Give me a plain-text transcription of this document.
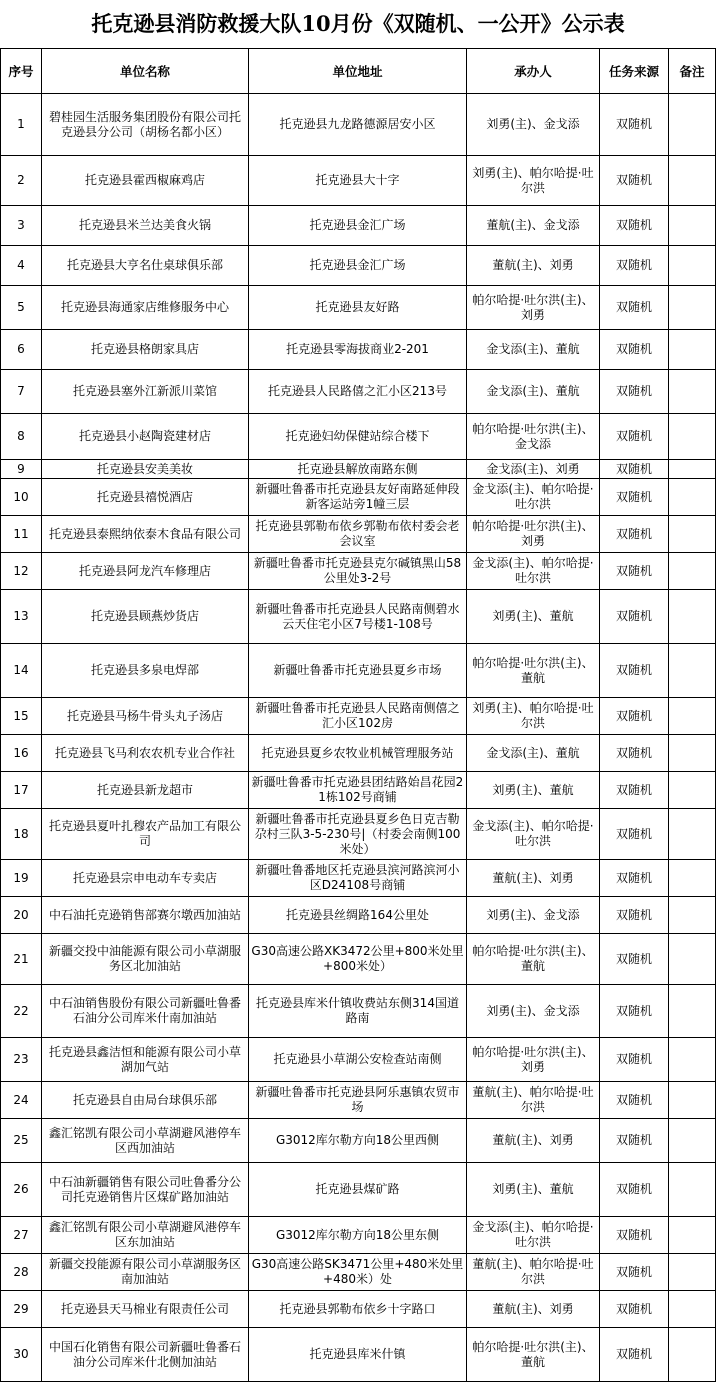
托克逊县消防救援大队10月份《双随机、一公开》公示表
序号	单位名称	单位地址	承办人	任务来源	备注
1	碧桂园生活服务集团股份有限公司托克逊县分公司（胡杨名都小区）	托克逊县九龙路德源居安小区	刘勇(主)、金戈添	双随机	
2	托克逊县霍西椒麻鸡店	托克逊县大十字	刘勇(主)、帕尔哈提·吐尔洪	双随机	
3	托克逊县米兰达美食火锅	托克逊县金汇广场	董航(主)、金戈添	双随机	
4	托克逊县大亨名仕桌球俱乐部	托克逊县金汇广场	董航(主)、刘勇	双随机	
5	托克逊县海通家店维修服务中心	托克逊县友好路	帕尔哈提·吐尔洪(主)、刘勇	双随机	
6	托克逊县格朗家具店	托克逊县零海拔商业2-201	金戈添(主)、董航	双随机	
7	托克逊县塞外江新派川菜馆	托克逊县人民路僖之汇小区213号	金戈添(主)、董航	双随机	
8	托克逊县小赵陶瓷建材店	托克逊妇幼保健站综合楼下	帕尔哈提·吐尔洪(主)、金戈添	双随机	
9	托克逊县安美美妆	托克逊县解放南路东侧	金戈添(主)、刘勇	双随机	
10	托克逊县禧悦酒店	新疆吐鲁番市托克逊县友好南路延伸段新客运站旁1幢三层	金戈添(主)、帕尔哈提·吐尔洪	双随机	
11	托克逊县泰熙纳依泰木食品有限公司	托克逊县郭勒布依乡郭勒布依村委会老会议室	帕尔哈提·吐尔洪(主)、刘勇	双随机	
12	托克逊县阿龙汽车修理店	新疆吐鲁番市托克逊县克尔碱镇黑山58公里处3-2号	金戈添(主)、帕尔哈提·吐尔洪	双随机	
13	托克逊县顾燕炒货店	新疆吐鲁番市托克逊县人民路南侧碧水云天住宅小区7号楼1-108号	刘勇(主)、董航	双随机	
14	托克逊县多泉电焊部	新疆吐鲁番市托克逊县夏乡市场	帕尔哈提·吐尔洪(主)、董航	双随机	
15	托克逊县马杨牛骨头丸子汤店	新疆吐鲁番市托克逊县人民路南侧僖之汇小区102房	刘勇(主)、帕尔哈提·吐尔洪	双随机	
16	托克逊县飞马利农农机专业合作社	托克逊县夏乡农牧业机械管理服务站	金戈添(主)、董航	双随机	
17	托克逊县新龙超市	新疆吐鲁番市托克逊县团结路始昌花园21栋102号商铺	刘勇(主)、董航	双随机	
18	托克逊县夏叶扎穆农产品加工有限公司	新疆吐鲁番市托克逊县夏乡色日克吉勒尕村三队3-5-230号|（村委会南侧100米处）	金戈添(主)、帕尔哈提·吐尔洪	双随机	
19	托克逊县宗申电动车专卖店	新疆吐鲁番地区托克逊县滨河路滨河小区D24108号商铺	董航(主)、刘勇	双随机	
20	中石油托克逊销售部赛尔墩西加油站	托克逊县丝绸路164公里处	刘勇(主)、金戈添	双随机	
21	新疆交投中油能源有限公司小草湖服务区北加油站	G30高速公路XK3472公里+800米处里+800米处）	帕尔哈提·吐尔洪(主)、董航	双随机	
22	中石油销售股份有限公司新疆吐鲁番石油分公司库米什南加油站	托克逊县库米什镇收费站东侧314国道路南	刘勇(主)、金戈添	双随机	
23	托克逊县鑫洁恒和能源有限公司小草湖加气站	托克逊县小草湖公安检查站南侧	帕尔哈提·吐尔洪(主)、刘勇	双随机	
24	托克逊县自由局台球俱乐部	新疆吐鲁番市托克逊县阿乐惠镇农贸市场	董航(主)、帕尔哈提·吐尔洪	双随机	
25	鑫汇铭凯有限公司小草湖避风港停车区西加油站	G3012库尔勒方向18公里西侧	董航(主)、刘勇	双随机	
26	中石油新疆销售有限公司吐鲁番分公司托克逊销售片区煤矿路加油站	托克逊县煤矿路	刘勇(主)、董航	双随机	
27	鑫汇铭凯有限公司小草湖避风港停车区东加油站	G3012库尔勒方向18公里东侧	金戈添(主)、帕尔哈提·吐尔洪	双随机	
28	新疆交投能源有限公司小草湖服务区南加油站	G30高速公路SK3471公里+480米处里+480米）处	董航(主)、帕尔哈提·吐尔洪	双随机	
29	托克逊县天马棉业有限责任公司	托克逊县郭勒布依乡十字路口	董航(主)、刘勇	双随机	
30	中国石化销售有限公司新疆吐鲁番石油分公司库米什北侧加油站	托克逊县库米什镇	帕尔哈提·吐尔洪(主)、董航	双随机	
